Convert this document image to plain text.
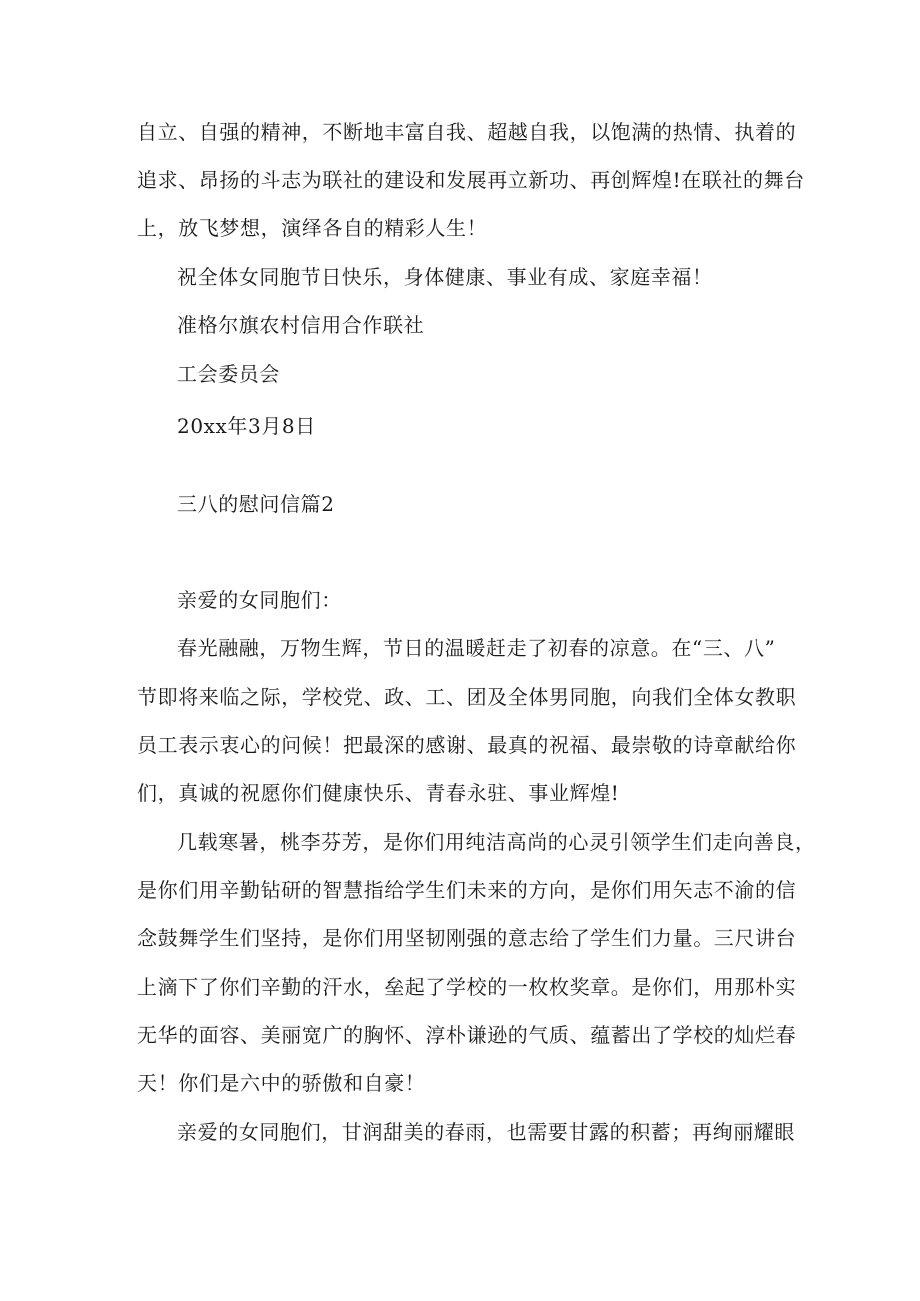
自立、自强的精神，不断地丰富自我、超越自我，以饱满的热情、执着的
追求、昂扬的斗志为联社的建设和发展再立新功、再创辉煌!在联社的舞台
上，放飞梦想，演绎各自的精彩人生！
祝全体女同胞节日快乐，身体健康、事业有成、家庭幸福！
准格尔旗农村信用合作联社
工会委员会
20xx年3月8日
三八的慰问信篇2
亲爱的女同胞们：
春光融融，万物生辉，节日的温暖赶走了初春的凉意。在“三、八”
节即将来临之际，学校党、政、工、团及全体男同胞，向我们全体女教职
员工表示衷心的问候！把最深的感谢、最真的祝福、最崇敬的诗章献给你
们，真诚的祝愿你们健康快乐、青春永驻、事业辉煌!
几载寒暑，桃李芬芳，是你们用纯洁高尚的心灵引领学生们走向善良，
是你们用辛勤钻研的智慧指给学生们未来的方向，是你们用矢志不渝的信
念鼓舞学生们坚持，是你们用坚韧刚强的意志给了学生们力量。三尺讲台
上滴下了你们辛勤的汗水，垒起了学校的一枚枚奖章。是你们，用那朴实
无华的面容、美丽宽广的胸怀、淳朴谦逊的气质、蕴蓄出了学校的灿烂春
天！你们是六中的骄傲和自豪！
亲爱的女同胞们，甘润甜美的春雨，也需要甘露的积蓄；再绚丽耀眼
